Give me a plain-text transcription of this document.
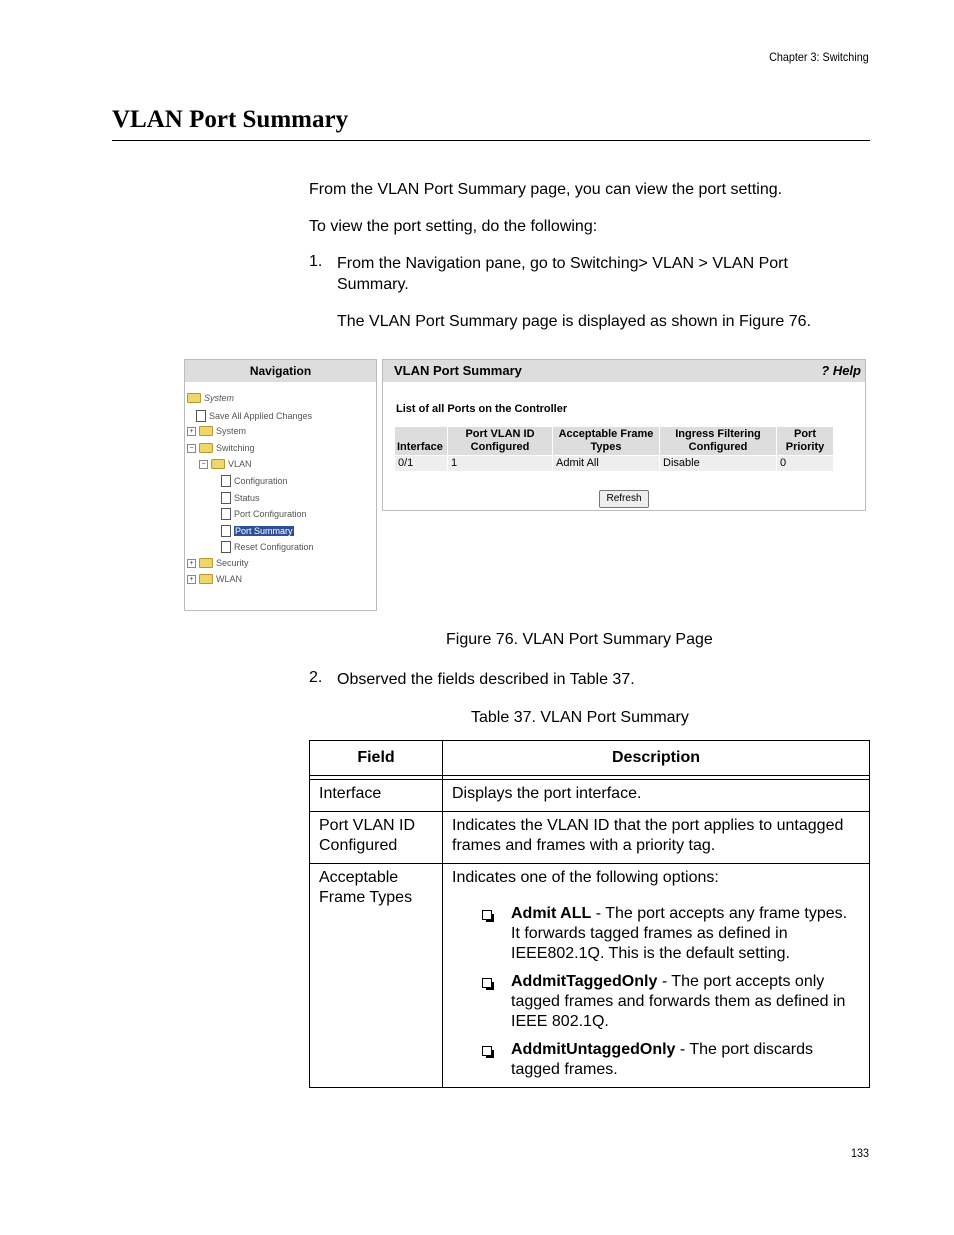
Chapter 3: Switching
VLAN Port Summary
From the VLAN Port Summary page, you can view the port setting.
To view the port setting, do the following:
1. From the Navigation pane, go to Switching> VLAN > VLAN Port Summary.
The VLAN Port Summary page is displayed as shown in Figure 76.
Navigation
System
Save All Applied Changes
+ System
− Switching
− VLAN
Configuration
Status
Port Configuration
Port Summary
Reset Configuration
+ Security
+ WLAN
VLAN Port Summary	? Help
List of all Ports on the Controller
Interface	Port VLAN ID Configured	Acceptable Frame Types	Ingress Filtering Configured	Port Priority
0/1	1	Admit All	Disable	0
Refresh
Figure 76. VLAN Port Summary Page
2. Observed the fields described in Table 37.
Table 37. VLAN Port Summary
Field	Description

Interface	Displays the port interface.
Port VLAN ID Configured	Indicates the VLAN ID that the port applies to untagged frames and frames with a priority tag.
Acceptable Frame Types	Indicates one of the following options:
Admit ALL - The port accepts any frame types. It forwards tagged frames as defined in IEEE802.1Q. This is the default setting.
AddmitTaggedOnly - The port accepts only tagged frames and forwards them as defined in IEEE 802.1Q.
AddmitUntaggedOnly - The port discards tagged frames.
133
